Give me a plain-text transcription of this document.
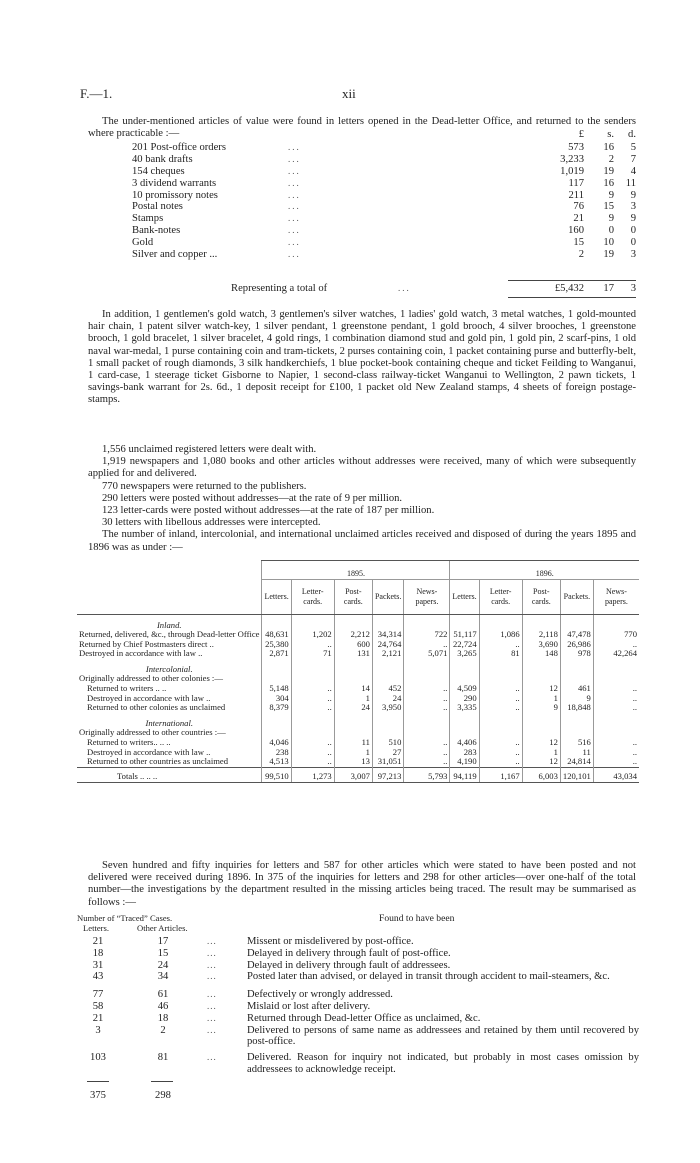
F.—1.	xii

The under-mentioned articles of value were found in letters opened in the Dead-letter Office, and returned to the senders where practicable :—	£ s. d.
201 Post-office orders	...	573 16 5
40 bank drafts	...	3,233 2 7
154 cheques	...	1,019 19 4
3 dividend warrants	...	117 16 11
10 promissory notes	...	211 9 9
Postal notes	...	76 15 3
Stamps	...	21 9 9
Bank-notes	...	160 0 0
Gold	...	15 10 0
Silver and copper ...	...	2 19 3
Representing a total of	...	£5,432 17 3

In addition, 1 gentlemen's gold watch, 3 gentlemen's silver watches, 1 ladies' gold watch, 3 metal watches, 1 gold-mounted hair chain, 1 patent silver watch-key, 1 silver pendant, 1 greenstone pendant, 1 gold brooch, 4 silver brooches, 1 greenstone brooch, 1 gold bracelet, 1 silver bracelet, 4 gold rings, 1 combination diamond stud and gold pin, 1 gold pin, 2 scarf-pins, 1 old naval war-medal, 1 purse containing coin and tram-tickets, 2 purses containing coin, 1 packet containing purse and butterfly-belt, 1 small packet of rough diamonds, 3 silk handkerchiefs, 1 blue pocket-book containing cheque and ticket Feilding to Wanganui, 1 card-case, 1 steerage ticket Gisborne to Napier, 1 second-class railway-ticket Wanganui to Wellington, 2 pawn tickets, 1 savings-bank warrant for 2s. 6d., 1 deposit receipt for £100, 1 packet old New Zealand stamps, 4 sheets of foreign postage-stamps.

1,556 unclaimed registered letters were dealt with.
1,919 newspapers and 1,080 books and other articles without addresses were received, many of which were subsequently applied for and delivered.
770 newspapers were returned to the publishers.
290 letters were posted without addresses—at the rate of 9 per million.
123 letter-cards were posted without addresses—at the rate of 187 per million.
30 letters with libellous addresses were intercepted.
The number of inland, intercolonial, and international unclaimed articles received and disposed of during the years 1895 and 1896 was as under :—
	1895.					1896.				
	Letters.	Letter-cards.	Post-cards.	Packets.	News-papers.	Letters.	Letter-cards.	Post-cards.	Packets.	News-papers.
Inland.										
Returned, delivered, &c., through Dead-letter Office	48,631	1,202	2,212	34,314	722	51,117	1,086	2,118	47,478	770
Returned by Chief Postmasters direct ..	25,380	..	600	24,764	..	22,724	..	3,690	26,986	..
Destroyed in accordance with law ..	2,871	71	131	2,121	5,071	3,265	81	148	978	42,264
Intercolonial.										
Originally addressed to other colonies :—										
Returned to writers .. ..	5,148	..	14	452	..	4,509	..	12	461	..
Destroyed in accordance with law ..	304	..	1	24	..	290	..	1	9	..
Returned to other colonies as unclaimed	8,379	..	24	3,950	..	3,335	..	9	18,848	..
International.										
Originally addressed to other countries :—										
Returned to writers.. .. ..	4,046	..	11	510	..	4,406	..	12	516	..
Destroyed in accordance with law ..	238	..	1	27	..	283	..	1	11	..
Returned to other countries as unclaimed	4,513	..	13	31,051	..	4,190	..	12	24,814	..
Totals .. .. ..	99,510	1,273	3,007	97,213	5,793	94,119	1,167	6,003	120,101	43,034

Seven hundred and fifty inquiries for letters and 587 for other articles which were stated to have been posted and not delivered were received during 1896. In 375 of the inquiries for letters and 298 for other articles—over one-half of the total number—the investigations by the department resulted in the missing articles being traced. The result may be summarised as follows :—

Number of “Traced” Cases.
Letters.	Other Articles.
Found to have been
21	17	...	Missent or misdelivered by post-office.
18	15	...	Delayed in delivery through fault of post-office.
31	24	...	Delayed in delivery through fault of addressees.
43	34	...	Posted later than advised, or delayed in transit through accident to mail-steamers, &c.
77	61	...	Defectively or wrongly addressed.
58	46	...	Mislaid or lost after delivery.
21	18	...	Returned through Dead-letter Office as unclaimed, &c.
3	2	...	Delivered to persons of same name as addressees and retained by them until recovered by post-office.
103	81	...	Delivered. Reason for inquiry not indicated, but probably in most cases omission by addressees to acknowledge receipt.
375	298
